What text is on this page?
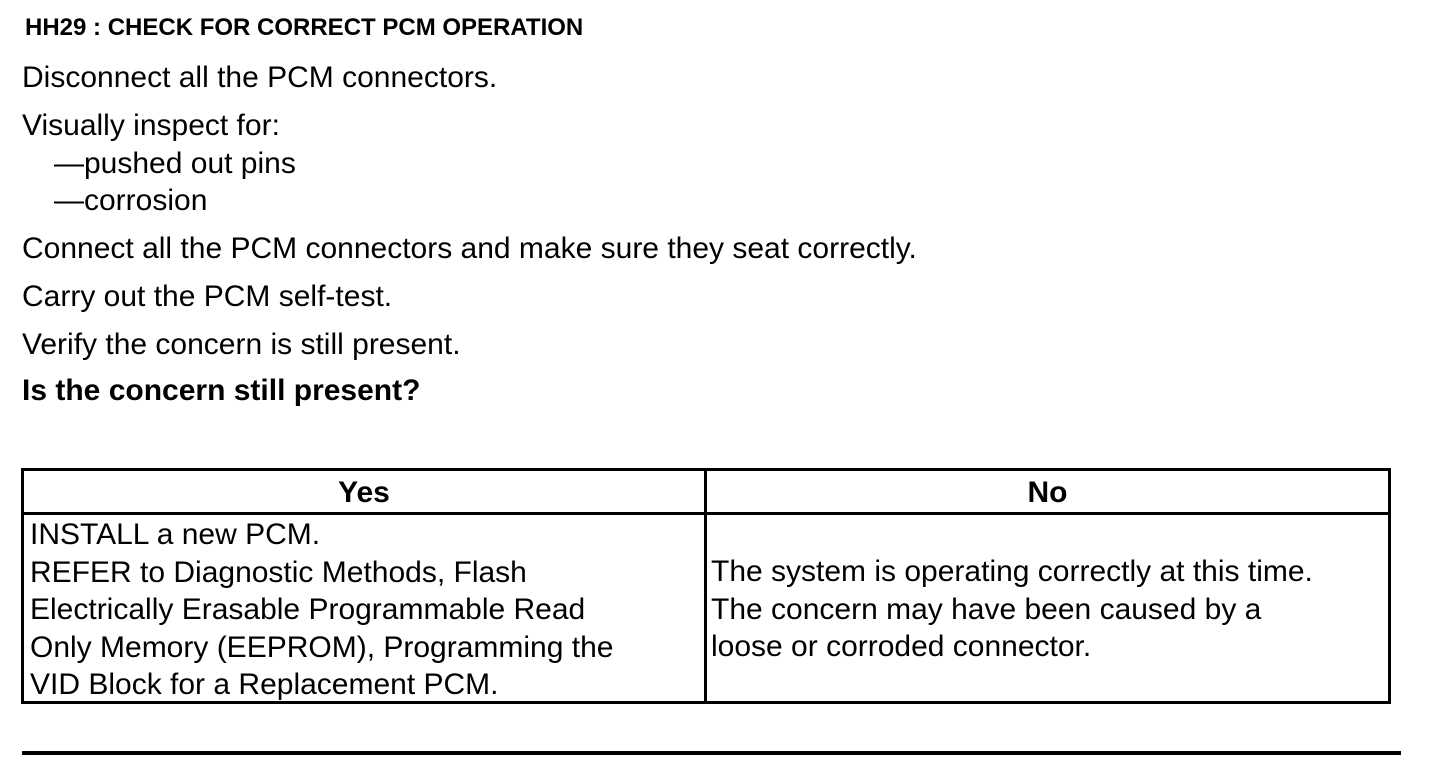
HH29 : CHECK FOR CORRECT PCM OPERATION
Disconnect all the PCM connectors.
Visually inspect for:
—pushed out pins
—corrosion
Connect all the PCM connectors and make sure they seat correctly.
Carry out the PCM self-test.
Verify the concern is still present.
Is the concern still present?
Yes	No
INSTALL a new PCM.
REFER to Diagnostic Methods, Flash
Electrically Erasable Programmable Read
Only Memory (EEPROM), Programming the
VID Block for a Replacement PCM.
The system is operating correctly at this time.
The concern may have been caused by a
loose or corroded connector.
